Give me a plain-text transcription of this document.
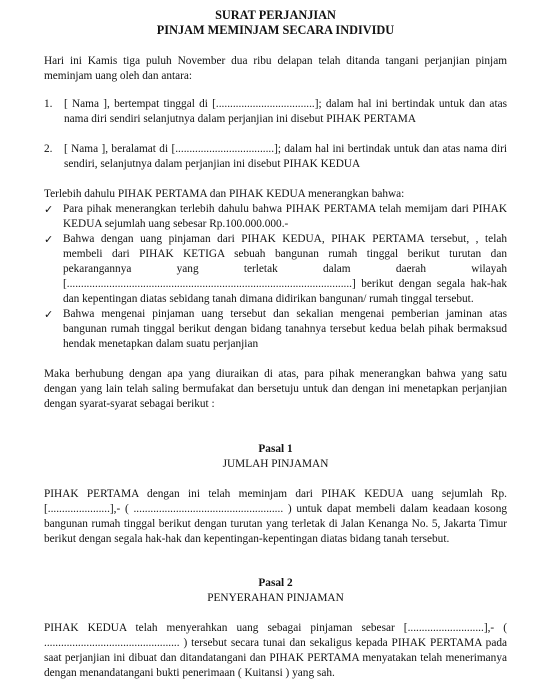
SURAT PERJANJIAN

PINJAM MEMINJAM SECARA INDIVIDU

Hari ini Kamis tiga puluh November dua ribu delapan telah ditanda tangani perjanjian pinjam meminjam uang oleh dan antara:

1.	[ Nama ], bertempat tinggal di [...................................]; dalam hal ini bertindak untuk dan atas nama diri sendiri selanjutnya dalam perjanjian ini disebut PIHAK PERTAMA
2.	[ Nama ], beralamat di [...................................]; dalam hal ini bertindak untuk dan atas nama diri sendiri, selanjutnya dalam perjanjian ini disebut PIHAK KEDUA

Terlebih dahulu PIHAK PERTAMA dan PIHAK KEDUA menerangkan bahwa:

✓ Para pihak menerangkan terlebih dahulu bahwa PIHAK PERTAMA telah memijam dari PIHAK KEDUA sejumlah uang sebesar Rp.100.000.000.-
✓ Bahwa dengan uang pinjaman dari PIHAK KEDUA, PIHAK PERTAMA tersebut, , telah membeli dari PIHAK KETIGA sebuah bangunan rumah tinggal berikut turutan dan pekarangannya yang terletak dalam daerah wilayah [.....................................................................................................] berikut dengan segala hak-hak dan kepentingan diatas sebidang tanah dimana didirikan bangunan/ rumah tinggal tersebut.
✓ Bahwa mengenai pinjaman uang tersebut dan sekalian mengenai pemberian jaminan atas bangunan rumah tinggal berikut dengan bidang tanahnya tersebut kedua belah pihak bermaksud hendak menetapkan dalam suatu perjanjian

Maka berhubung dengan apa yang diuraikan di atas, para pihak menerangkan bahwa yang satu dengan yang lain telah saling bermufakat dan bersetuju untuk dan dengan ini menetapkan perjanjian dengan syarat-syarat sebagai berikut :

Pasal 1
JUMLAH PINJAMAN

PIHAK PERTAMA dengan ini telah meminjam dari PIHAK KEDUA uang sejumlah Rp. [......................],- ( ..................................................... ) untuk dapat membeli dalam keadaan kosong bangunan rumah tinggal berikut dengan turutan yang terletak di Jalan Kenanga No. 5, Jakarta Timur berikut dengan segala hak-hak dan kepentingan-kepentingan diatas bidang tanah tersebut.

Pasal 2
PENYERAHAN PINJAMAN

PIHAK KEDUA telah menyerahkan uang sebagai pinjaman sebesar [...........................],- ( ................................................ ) tersebut secara tunai dan sekaligus kepada PIHAK PERTAMA pada saat perjanjian ini dibuat dan ditandatangani dan PIHAK PERTAMA menyatakan telah menerimanya dengan menandatangani bukti penerimaan ( Kuitansi ) yang sah.
